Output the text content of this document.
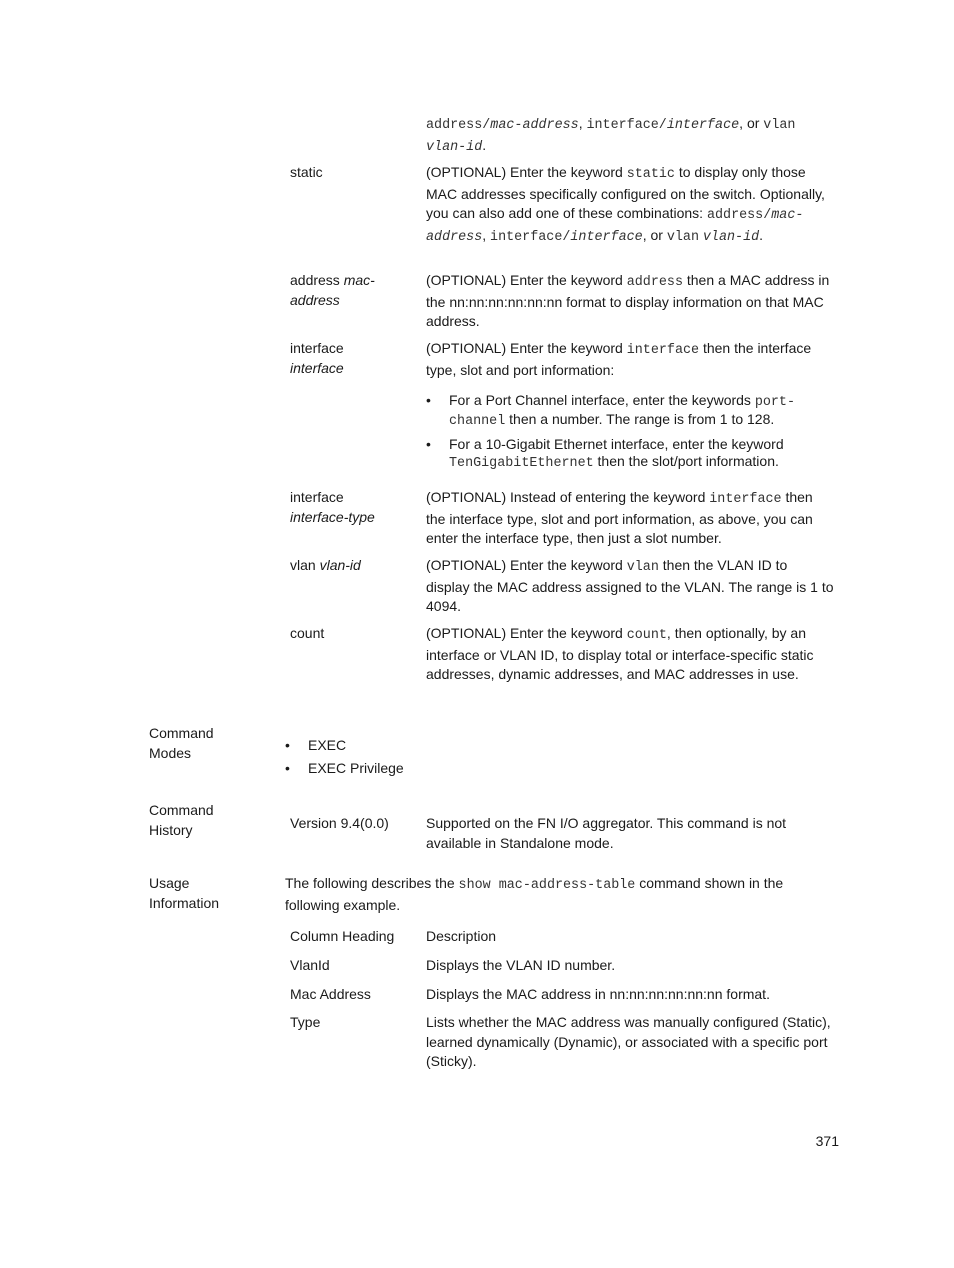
address/mac-address, interface/interface, or vlan vlan-id.
static	(OPTIONAL) Enter the keyword static to display only those MAC addresses specifically configured on the switch. Optionally, you can also add one of these combinations: address/mac-address, interface/interface, or vlan vlan-id.
address mac-address
(OPTIONAL) Enter the keyword address then a MAC address in the nn:nn:nn:nn:nn:nn format to display information on that MAC address.
interface
interface

(OPTIONAL) Enter the keyword interface then the interface type, slot and port information:

• For a Port Channel interface, enter the keywords port-channel then a number. The range is from 1 to 128.
• For a 10-Gigabit Ethernet interface, enter the keyword TenGigabitEthernet then the slot/port information.
interface
interface-type
(OPTIONAL) Instead of entering the keyword interface then the interface type, slot and port information, as above, you can enter the interface type, then just a slot number.
vlan vlan-id	(OPTIONAL) Enter the keyword vlan then the VLAN ID to display the MAC address assigned to the VLAN. The range is 1 to 4094.
count	(OPTIONAL) Enter the keyword count, then optionally, by an interface or VLAN ID, to display total or interface-specific static addresses, dynamic addresses, and MAC addresses in use.
Command Modes
•	EXEC
• EXEC Privilege
Command History	Version 9.4(0.0)	Supported on the FN I/O aggregator. This command is not available in Standalone mode.
Usage Information
The following describes the show mac-address-table command shown in the following example.
Column Heading	Description
VlanId	Displays the VLAN ID number.
Mac Address	Displays the MAC address in nn:nn:nn:nn:nn:nn format.
Type	Lists whether the MAC address was manually configured (Static), learned dynamically (Dynamic), or associated with a specific port (Sticky).
371
